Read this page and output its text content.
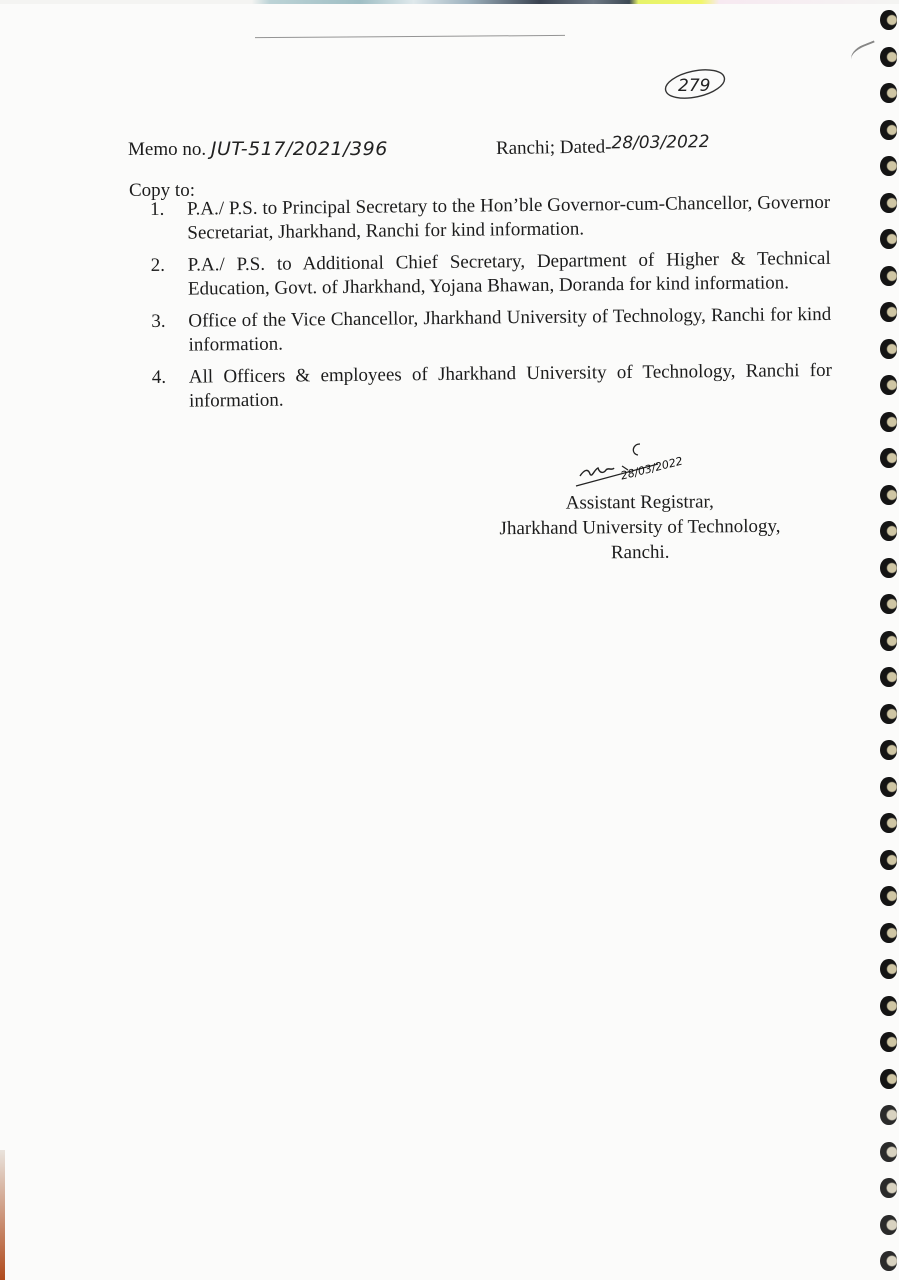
279
Memo no. JUT-517/2021/396	Ranchi; Dated-28/03/2022
Copy to:
1. P.A./ P.S. to Principal Secretary to the Hon’ble Governor-cum-Chancellor, Governor Secretariat, Jharkhand, Ranchi for kind information.
2. P.A./ P.S. to Additional Chief Secretary, Department of Higher & Technical Education, Govt. of Jharkhand, Yojana Bhawan, Doranda for kind information.
3. Office of the Vice Chancellor, Jharkhand University of Technology, Ranchi for kind information.
4. All Officers & employees of Jharkhand University of Technology, Ranchi for information.
28/03/2022
Assistant Registrar,
Jharkhand University of Technology,
Ranchi.
